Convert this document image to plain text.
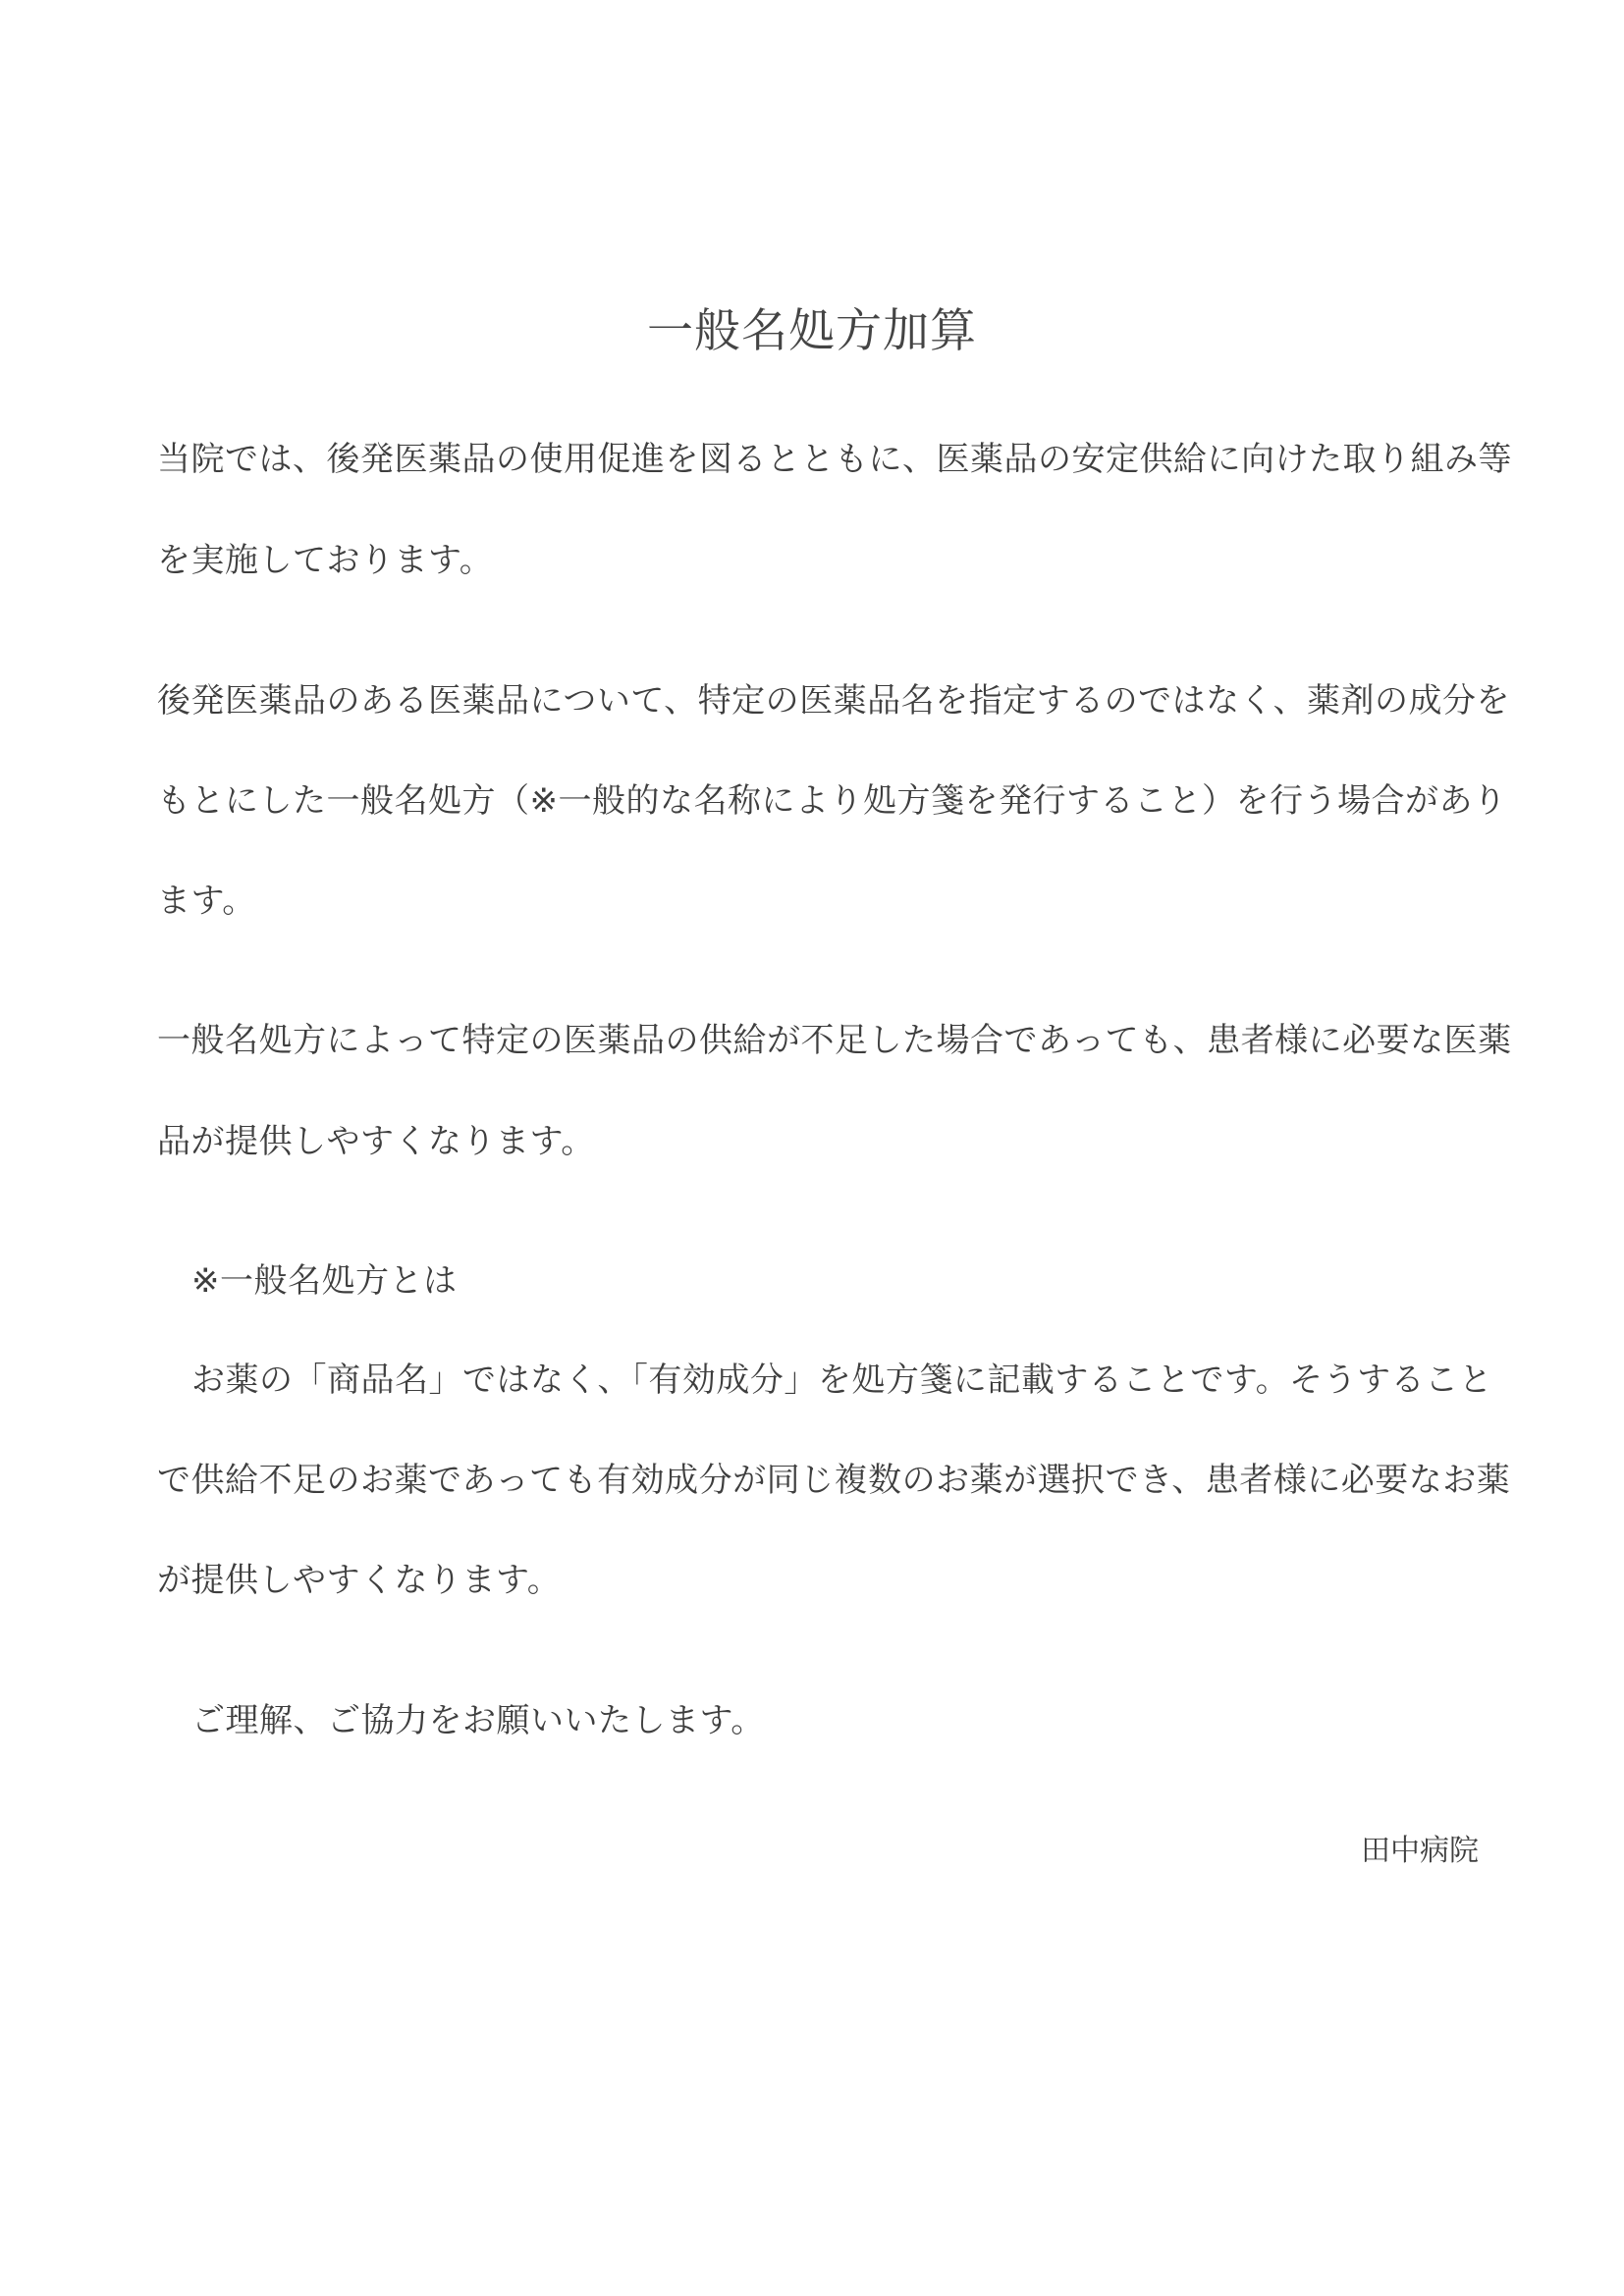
一般名処方加算
当院では、後発医薬品の使用促進を図るとともに、医薬品の安定供給に向けた取り組み等
を実施しております。
後発医薬品のある医薬品について、特定の医薬品名を指定するのではなく、薬剤の成分を
もとにした一般名処方（※一般的な名称により処方箋を発行すること）を行う場合があり
ます。
一般名処方によって特定の医薬品の供給が不足した場合であっても、患者様に必要な医薬
品が提供しやすくなります。
※一般名処方とは
お薬の「商品名」ではなく、「有効成分」を処方箋に記載することです。そうすること
で供給不足のお薬であっても有効成分が同じ複数のお薬が選択でき、患者様に必要なお薬
が提供しやすくなります。
ご理解、ご協力をお願いいたします。
田中病院
